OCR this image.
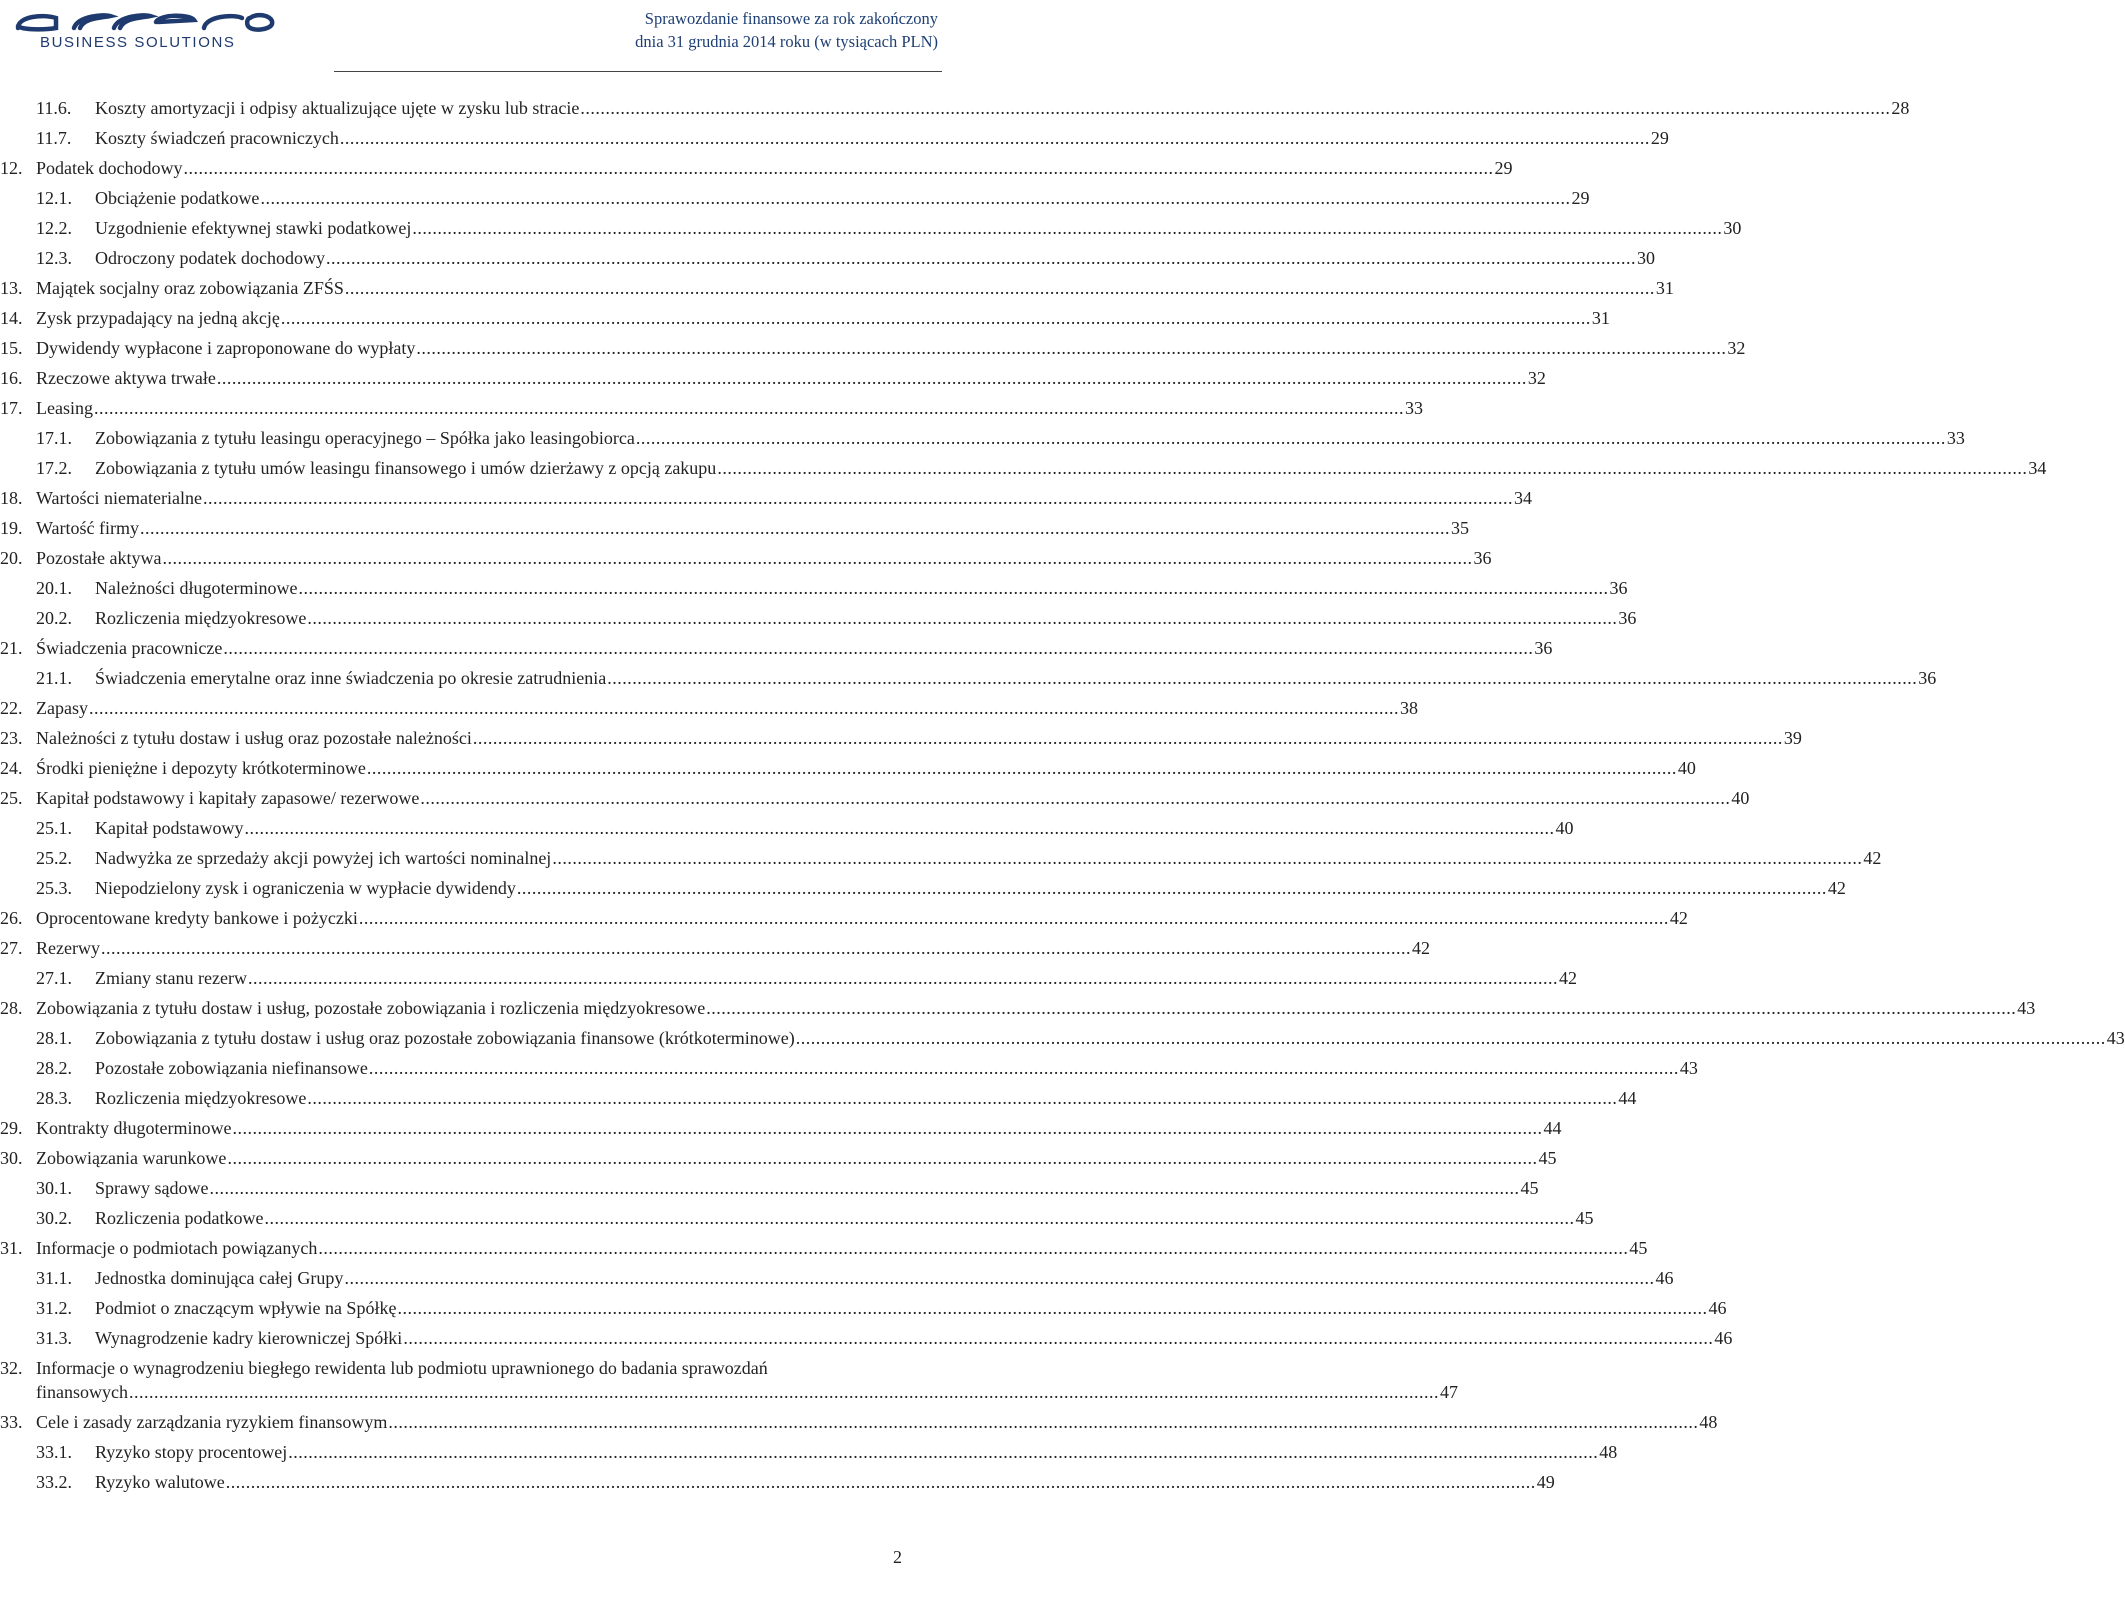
BUSINESS SOLUTIONS
Sprawozdanie finansowe za rok zakończony
dnia 31 grudnia 2014 roku (w tysiącach PLN)
11.6. Koszty amortyzacji i odpisy aktualizujące ujęte w zysku lub stracie ...................................................................................................................................................................................................................................................................... 28
11.7. Koszty świadczeń pracowniczych ...................................................................................................................................................................................................................................................................... 29
12. Podatek dochodowy ...................................................................................................................................................................................................................................................................... 29
12.1. Obciążenie podatkowe ...................................................................................................................................................................................................................................................................... 29
12.2. Uzgodnienie efektywnej stawki podatkowej ...................................................................................................................................................................................................................................................................... 30
12.3. Odroczony podatek dochodowy ...................................................................................................................................................................................................................................................................... 30
13. Majątek socjalny oraz zobowiązania ZFŚS ...................................................................................................................................................................................................................................................................... 31
14. Zysk przypadający na jedną akcję ...................................................................................................................................................................................................................................................................... 31
15. Dywidendy wypłacone i zaproponowane do wypłaty ...................................................................................................................................................................................................................................................................... 32
16. Rzeczowe aktywa trwałe ...................................................................................................................................................................................................................................................................... 32
17. Leasing ...................................................................................................................................................................................................................................................................... 33
17.1. Zobowiązania z tytułu leasingu operacyjnego – Spółka jako leasingobiorca ...................................................................................................................................................................................................................................................................... 33
17.2. Zobowiązania z tytułu umów leasingu finansowego i umów dzierżawy z opcją zakupu ...................................................................................................................................................................................................................................................................... 34
18. Wartości niematerialne ...................................................................................................................................................................................................................................................................... 34
19. Wartość firmy ...................................................................................................................................................................................................................................................................... 35
20. Pozostałe aktywa ...................................................................................................................................................................................................................................................................... 36
20.1. Należności długoterminowe ...................................................................................................................................................................................................................................................................... 36
20.2. Rozliczenia międzyokresowe ...................................................................................................................................................................................................................................................................... 36
21. Świadczenia pracownicze ...................................................................................................................................................................................................................................................................... 36
21.1. Świadczenia emerytalne oraz inne świadczenia po okresie zatrudnienia ...................................................................................................................................................................................................................................................................... 36
22. Zapasy ...................................................................................................................................................................................................................................................................... 38
23. Należności z tytułu dostaw i usług oraz pozostałe należności ...................................................................................................................................................................................................................................................................... 39
24. Środki pieniężne i depozyty krótkoterminowe ...................................................................................................................................................................................................................................................................... 40
25. Kapitał podstawowy i kapitały zapasowe/ rezerwowe ...................................................................................................................................................................................................................................................................... 40
25.1. Kapitał podstawowy ...................................................................................................................................................................................................................................................................... 40
25.2. Nadwyżka ze sprzedaży akcji powyżej ich wartości nominalnej ...................................................................................................................................................................................................................................................................... 42
25.3. Niepodzielony zysk i ograniczenia w wypłacie dywidendy ...................................................................................................................................................................................................................................................................... 42
26. Oprocentowane kredyty bankowe i pożyczki ...................................................................................................................................................................................................................................................................... 42
27. Rezerwy ...................................................................................................................................................................................................................................................................... 42
27.1. Zmiany stanu rezerw ...................................................................................................................................................................................................................................................................... 42
28. Zobowiązania z tytułu dostaw i usług, pozostałe zobowiązania i rozliczenia międzyokresowe ...................................................................................................................................................................................................................................................................... 43
28.1. Zobowiązania z tytułu dostaw i usług oraz pozostałe zobowiązania finansowe (krótkoterminowe) ...................................................................................................................................................................................................................................................................... 43
28.2. Pozostałe zobowiązania niefinansowe ...................................................................................................................................................................................................................................................................... 43
28.3. Rozliczenia międzyokresowe ...................................................................................................................................................................................................................................................................... 44
29. Kontrakty długoterminowe ...................................................................................................................................................................................................................................................................... 44
30. Zobowiązania warunkowe ...................................................................................................................................................................................................................................................................... 45
30.1. Sprawy sądowe ...................................................................................................................................................................................................................................................................... 45
30.2. Rozliczenia podatkowe ...................................................................................................................................................................................................................................................................... 45
31. Informacje o podmiotach powiązanych ...................................................................................................................................................................................................................................................................... 45
31.1. Jednostka dominująca całej Grupy ...................................................................................................................................................................................................................................................................... 46
31.2. Podmiot o znaczącym wpływie na Spółkę ...................................................................................................................................................................................................................................................................... 46
31.3. Wynagrodzenie kadry kierowniczej Spółki ...................................................................................................................................................................................................................................................................... 46
32. Informacje o wynagrodzeniu biegłego rewidenta lub podmiotu uprawnionego do badania sprawozdań
finansowych ...................................................................................................................................................................................................................................................................... 47
33. Cele i zasady zarządzania ryzykiem finansowym ...................................................................................................................................................................................................................................................................... 48
33.1. Ryzyko stopy procentowej ...................................................................................................................................................................................................................................................................... 48
33.2. Ryzyko walutowe ...................................................................................................................................................................................................................................................................... 49
2
